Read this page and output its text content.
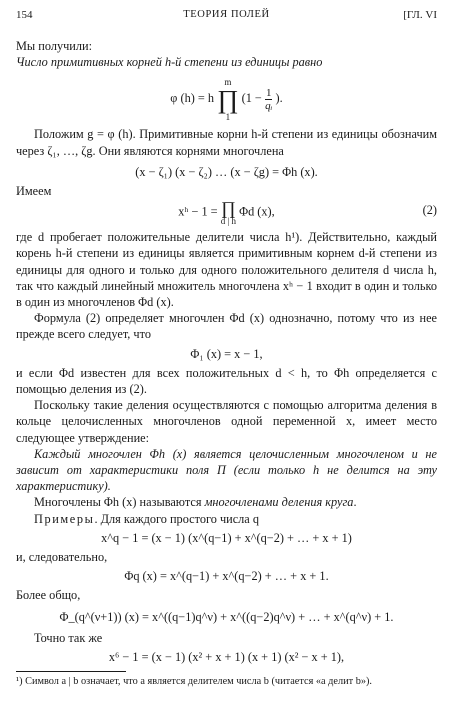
154	ТЕОРИЯ ПОЛЕЙ	[ГЛ. VI

Мы получили:

Число примитивных корней h-й степени из единицы равно

φ (h) = h
m
∏
1
($1 - \frac{1}{\text{qᵢ}}$ ).

Положим g = φ (h). Примитивные корни h-й степени из единицы обозначим через ζ₁, …, ζg. Они являются корнями многочлена

(x − ζ₁) (x − ζ₂) … (x − ζg) = Φh (x).

Имеем

xʰ − 1 = ∏
d | h
Φd (x),	(2)

где d пробегает положительные делители числа h¹). Действительно, каждый корень h-й степени из единицы является примитивным корнем d-й степени из единицы для одного и только для одного положительного делителя d числа h, так что каждый линейный множитель многочлена xʰ − 1 входит в один и только в один из многочленов Φd (x).

Формула (2) определяет многочлен Φd (x) однозначно, потому что из нее прежде всего следует, что

Φ₁ (x) = x − 1,

и если Φd известен для всех положительных d < h, то Φh определяется с помощью деления из (2).

Поскольку такие деления осуществляются с помощью алгоритма деления в кольце целочисленных многочленов одной переменной x, имеет место следующее утверждение:

Каждый многочлен Φh (x) является целочисленным многочленом и не зависит от характеристики поля Π (если только h не делится на эту характеристику).

Многочлены Φh (x) называются многочленами деления круга.

Примеры. Для каждого простого числа q

x^q − 1 = (x − 1) (x^(q−1) + x^(q−2) + … + x + 1)

и, следовательно,

Φq (x) = x^(q−1) + x^(q−2) + … + x + 1.

Более общо,

Φ_(q^(ν+1)) (x) = x^((q−1)q^ν) + x^((q−2)q^ν) + … + x^(q^ν) + 1.

Точно так же

x⁶ − 1 = (x − 1) (x² + x + 1) (x + 1) (x² − x + 1),

¹) Символ a | b означает, что a является делителем числа b (читается «a делит b»).
